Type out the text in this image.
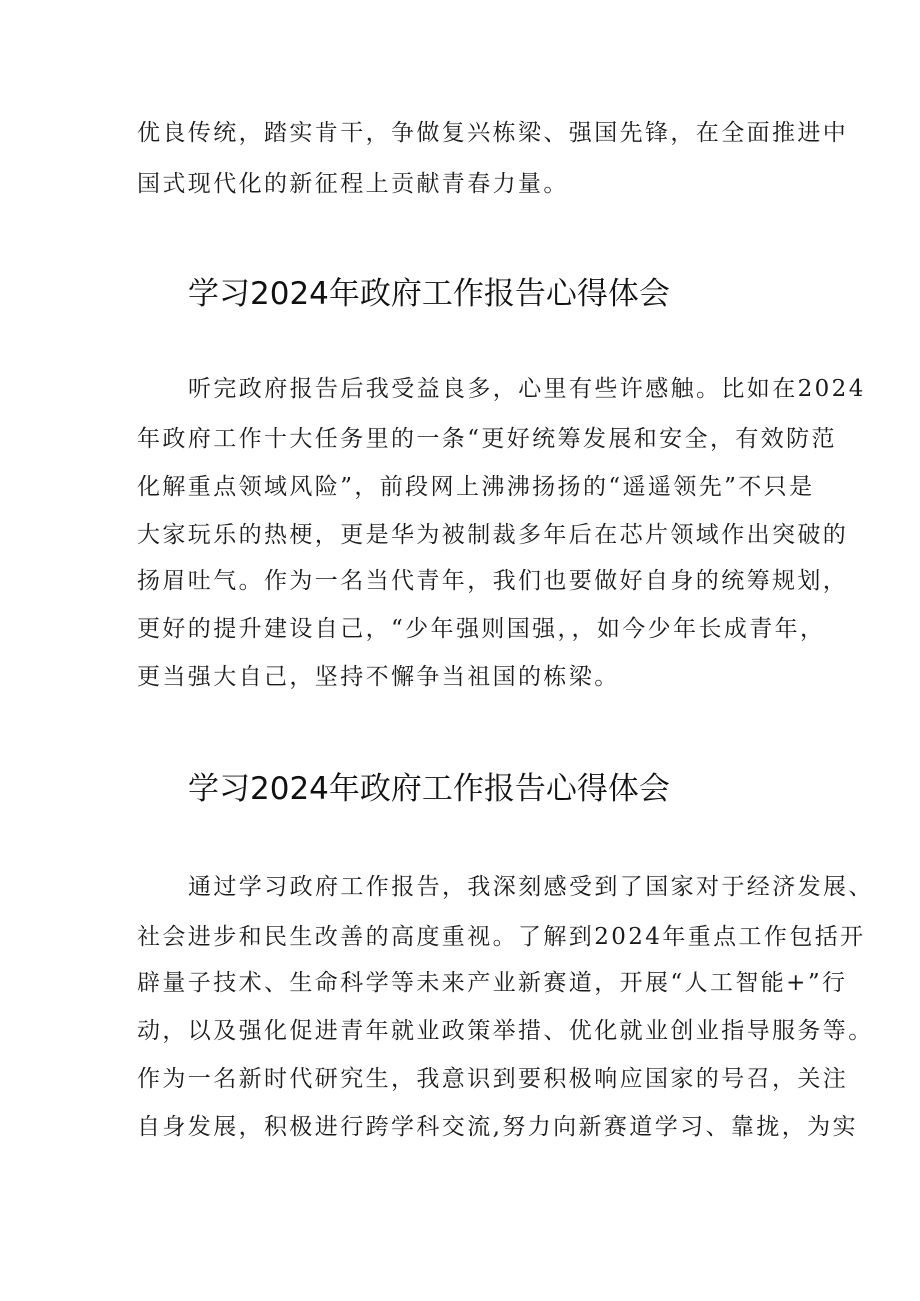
优良传统，踏实肯干，争做复兴栋梁、强国先锋，在全面推进中
国式现代化的新征程上贡献青春力量。
学习2024年政府工作报告心得体会
听完政府报告后我受益良多，心里有些许感触。比如在2024
年政府工作十大任务里的一条“更好统筹发展和安全，有效防范
化解重点领域风险”，前段网上沸沸扬扬的“遥遥领先”不只是
大家玩乐的热梗，更是华为被制裁多年后在芯片领域作出突破的
扬眉吐气。作为一名当代青年，我们也要做好自身的统筹规划，
更好的提升建设自己，“少年强则国强，，如今少年长成青年，
更当强大自己，坚持不懈争当祖国的栋梁。
学习2024年政府工作报告心得体会
通过学习政府工作报告，我深刻感受到了国家对于经济发展、
社会进步和民生改善的高度重视。了解到2024年重点工作包括开
辟量子技术、生命科学等未来产业新赛道，开展“人工智能+”行
动，以及强化促进青年就业政策举措、优化就业创业指导服务等。
作为一名新时代研究生，我意识到要积极响应国家的号召，关注
自身发展，积极进行跨学科交流,努力向新赛道学习、靠拢，为实
